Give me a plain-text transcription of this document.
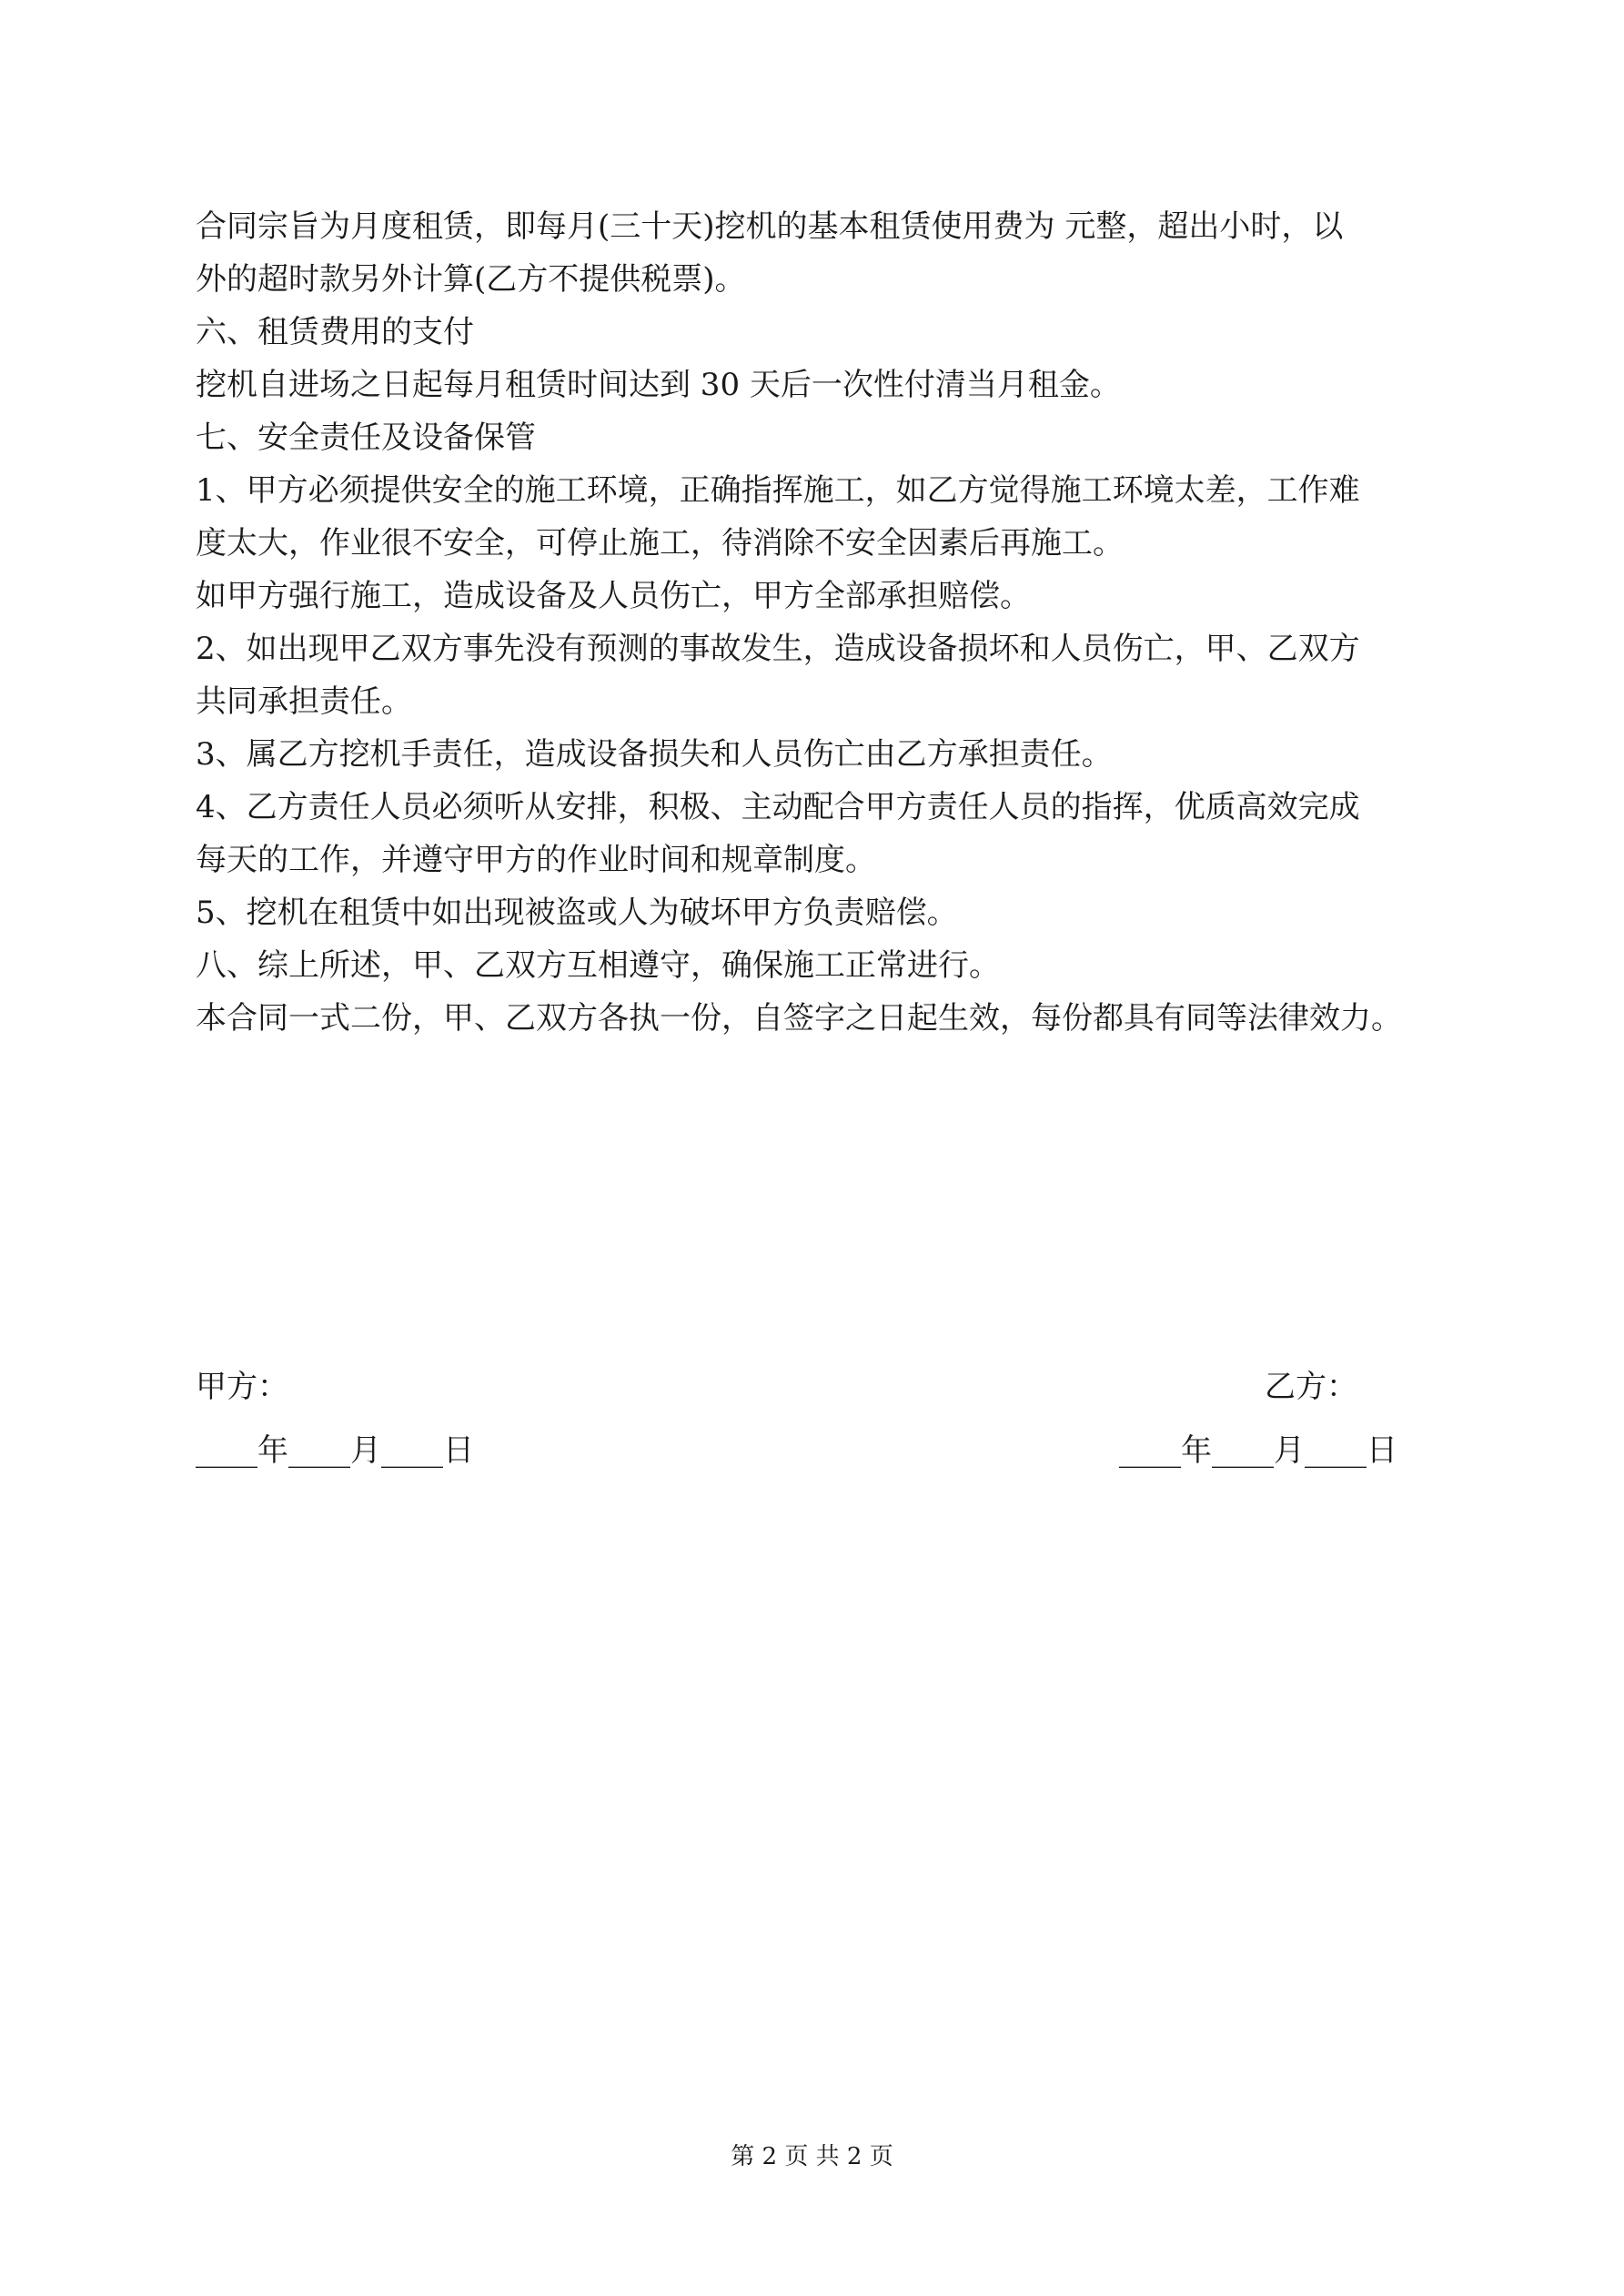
合同宗旨为月度租赁，即每月(三十天)挖机的基本租赁使用费为 元整，超出小时，以

外的超时款另外计算(乙方不提供税票)。

六、租赁费用的支付

挖机自进场之日起每月租赁时间达到 30 天后一次性付清当月租金。

七、安全责任及设备保管

1、甲方必须提供安全的施工环境，正确指挥施工，如乙方觉得施工环境太差，工作难

度太大，作业很不安全，可停止施工，待消除不安全因素后再施工。

如甲方强行施工，造成设备及人员伤亡，甲方全部承担赔偿。

2、如出现甲乙双方事先没有预测的事故发生，造成设备损坏和人员伤亡，甲、乙双方

共同承担责任。

3、属乙方挖机手责任，造成设备损失和人员伤亡由乙方承担责任。

4、乙方责任人员必须听从安排，积极、主动配合甲方责任人员的指挥，优质高效完成

每天的工作，并遵守甲方的作业时间和规章制度。

5、挖机在租赁中如出现被盗或人为破坏甲方负责赔偿。

八、综上所述，甲、乙双方互相遵守，确保施工正常进行。

本合同一式二份，甲、乙双方各执一份，自签字之日起生效，每份都具有同等法律效力。

甲方：	乙方：
____年____月____日	____年____月____日
第 2 页 共 2 页
